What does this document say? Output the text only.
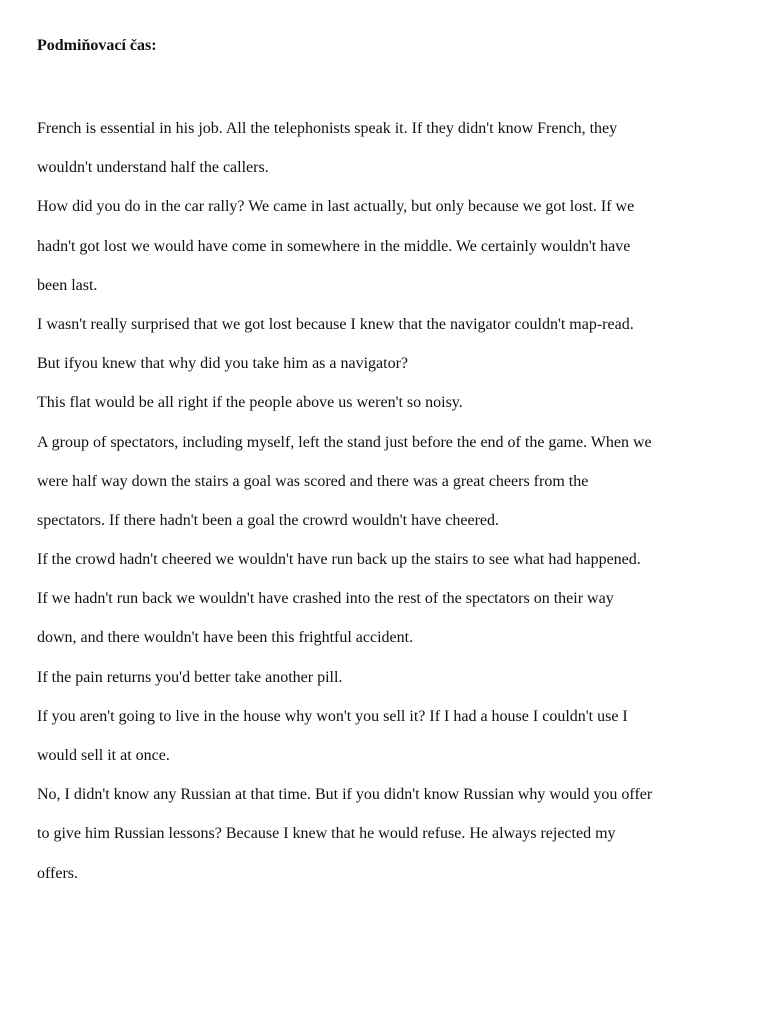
Podmiňovací čas:
French is essential in his job. All the telephonists speak it. If they didn't know French, they
wouldn't understand half the callers.
How did you do in the car rally? We came in last actually, but only because we got lost. If we
hadn't got lost we would have come in somewhere in the middle. We certainly wouldn't have
been last.
I wasn't really surprised that we got lost because I knew that the navigator couldn't map-read.
But ifyou knew that why did you take him as a navigator?
This flat would be all right if the people above us weren't so noisy.
A group of spectators, including myself, left the stand just before the end of the game. When we
were half way down the stairs a goal was scored and there was a great cheers from the
spectators. If there hadn't been a goal the crowrd wouldn't have cheered.
If the crowd hadn't cheered we wouldn't have run back up the stairs to see what had happened.
If we hadn't run back we wouldn't have crashed into the rest of the spectators on their way
down, and there wouldn't have been this frightful accident.
If the pain returns you'd better take another pill.
If you aren't going to live in the house why won't you sell it? If I had a house I couldn't use I
would sell it at once.
No, I didn't know any Russian at that time. But if you didn't know Russian why would you offer
to give him Russian lessons? Because I knew that he would refuse. He always rejected my
offers.
